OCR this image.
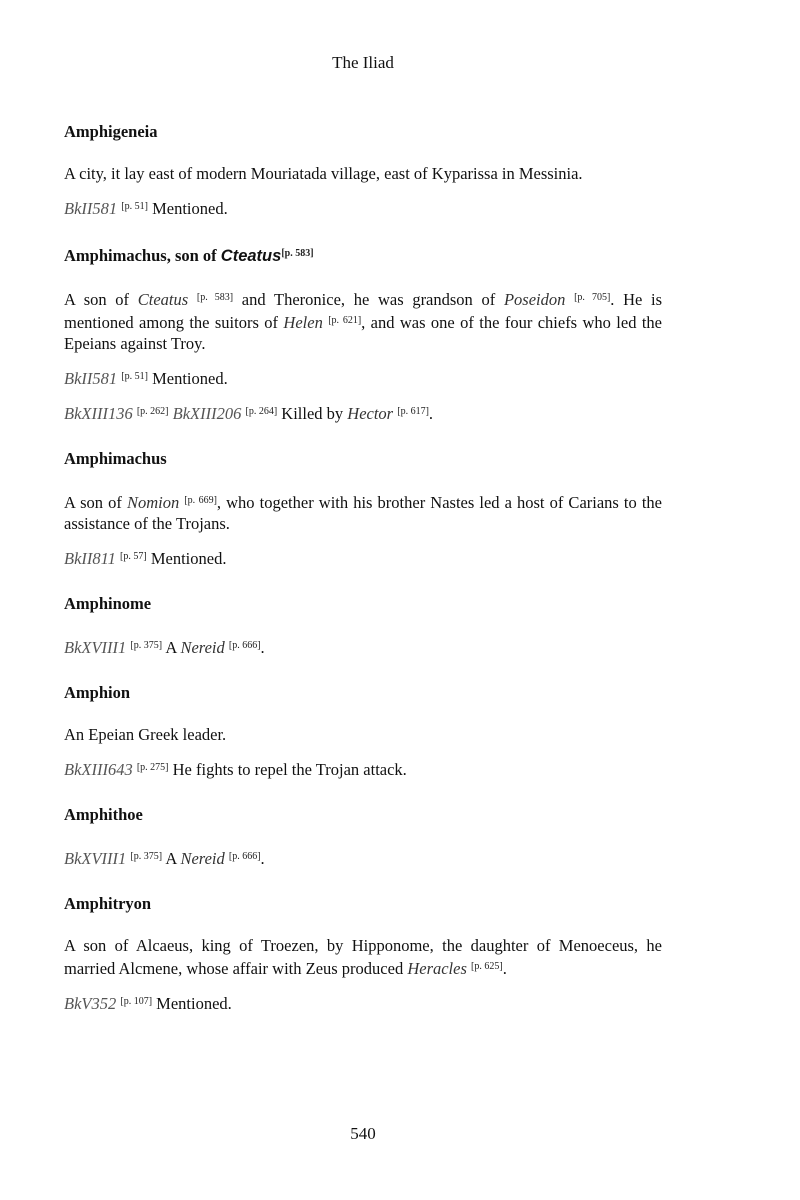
The Iliad
Amphigeneia

A city, it lay east of modern Mouriatada village, east of Kyparissa in Messinia.

BkII581 [p. 51] Mentioned.

Amphimachus, son of Cteatus[p. 583]

A son of Cteatus [p. 583] and Theronice, he was grandson of Poseidon [p. 705]. He is mentioned among the suitors of Helen [p. 621], and was one of the four chiefs who led the Epeians against Troy.

BkII581 [p. 51] Mentioned.

BkXIII136 [p. 262] BkXIII206 [p. 264] Killed by Hector [p. 617].

Amphimachus

A son of Nomion [p. 669], who together with his brother Nastes led a host of Carians to the assistance of the Trojans.

BkII811 [p. 57] Mentioned.

Amphinome

BkXVIII1 [p. 375] A Nereid [p. 666].

Amphion

An Epeian Greek leader.

BkXIII643 [p. 275] He fights to repel the Trojan attack.

Amphithoe

BkXVIII1 [p. 375] A Nereid [p. 666].

Amphitryon

A son of Alcaeus, king of Troezen, by Hipponome, the daughter of Menoeceus, he married Alcmene, whose affair with Zeus produced Heracles [p. 625].

BkV352 [p. 107] Mentioned.

540
